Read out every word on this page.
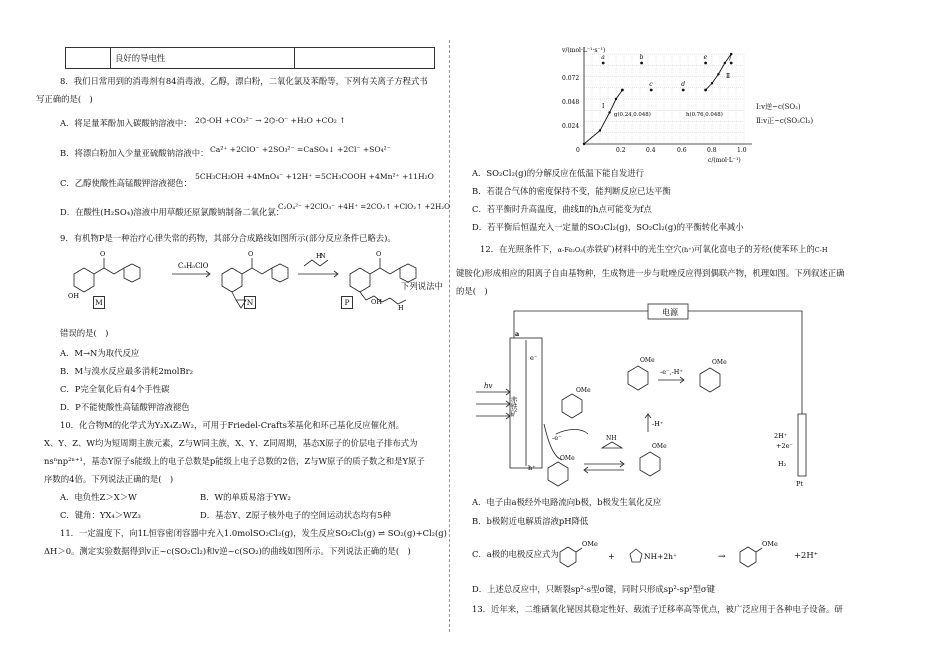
	良好的导电性	
8．我们日常用到的消毒剂有84消毒液，乙醇，漂白粉，二氧化氯及苯酚等，下列有关离子方程式书
写正确的是(　)
A．将足量苯酚加入碳酸钠溶液中： 2⌬-OH +CO₃²⁻ → 2⌬-O⁻ +H₂O +CO₂ ↑
B．将漂白粉加入少量亚硫酸钠溶液中： Ca²⁺ +2ClO⁻ +2SO₃²⁻ =CaSO₄↓ +2Cl⁻ +SO₄²⁻
C．乙醇使酸性高锰酸钾溶液褪色：
5CH₃CH₂OH +4MnO₄⁻ +12H⁺ =5CH₃COOH +4Mn²⁺ +11H₂O
D．在酸性(H₂SO₄)溶液中用草酸还原氯酸钠制备二氧化氯：
C₂O₄²⁻ +2ClO₃⁻ +4H⁺ =2CO₂↑ +ClO₂↑ +2H₂O
9．有机物P是一种治疗心律失常的药物，其部分合成路线如图所示(部分反应条件已略去)。
OH
O	O	O
C₃H₅ClO
N
H
OH
H
M	N	P
下列说法中
错误的是(　)
A．M→N为取代反应
B．M与溴水反应最多消耗2molBr₂
C．P完全氧化后有4个手性碳
D．P不能使酸性高锰酸钾溶液褪色
10．化合物M的化学式为Y₂X₄Z₂W₂，可用于Friedel-Crafts苯基化和环己基化反应催化剂。
X、Y、Z、W均为短周期主族元素，Z与W同主族，X、Y、Z同周期，基态X原子的价层电子排布式为
nsⁿnp²ⁿ⁺¹，基态Y原子s能级上的电子总数是p能级上电子总数的2倍，Z与W原子的质子数之和是Y原子
序数的4倍。下列说法正确的是(　)
A．电负性Z＞X＞W	B．W的单质易溶于YW₂
C．键角：YX₄＞WZ₃	D．基态Y、Z原子核外电子的空间运动状态均有5种
11．一定温度下，向1L恒容密闭容器中充入1.0molSO₂Cl₂(g)，发生反应SO₂Cl₂(g) ⇌ SO₂(g)+Cl₂(g)
ΔH＞0。测定实验数据得到v正~c(SO₂Cl₂)和v逆~c(SO₂)的曲线如图所示。下列说法正确的是(　)
a	b
c	d
e	f
v/(mol·L⁻¹·s⁻¹)
c/(mol·L⁻¹)
0.072
0.048
0.024
0	0.2	0.4	0.6	0.8	1.0
g(0.24,0.048)	h(0.76,0.048)
Ⅰ
Ⅱ
Ⅰ:v逆~c(SO₂)
Ⅱ:v正~c(SO₂Cl₂)
A．SO₂Cl₂(g)的分解反应在低温下能自发进行
B．若混合气体的密度保持不变，能判断反应已达平衡
C．若平衡时升高温度，曲线Ⅱ的h点可能变为f点
D．若平衡后恒温充入一定量的SO₂Cl₂(g)，SO₂Cl₂(g)的平衡转化率减小
12．在光照条件下，α-Fe₂O₃(赤铁矿)材料中的光生空穴(h⁺)可氧化富电子的芳烃(使苯环上的C-H
键胺化)形成相应的阳离子自由基物种，生成物进一步与吡唑反应得到偶联产物，机理如图。下列叙述正确
的是(　)
电源
a
hv
赤铁矿
e⁻
h⁺
-e⁻
-e⁻,-H⁺
-H⁺
2H⁺
+2e⁻
H₂
Pt
OMe
OMe	OMe
OMe
OMe
NH
A．电子由a极经外电路流向b极，b极发生氧化反应
B．b极附近电解质溶液pH降低
C．a极的电极反应式为
OMe
+	NH+2h⁺	→
OMe
+2H⁺
D．上述总反应中，只断裂sp²-s型σ键，同时只形成sp²-sp²型σ键
13．近年来，二维硒氧化铋因其稳定性好、载流子迁移率高等优点，被广泛应用于各种电子设备。研
